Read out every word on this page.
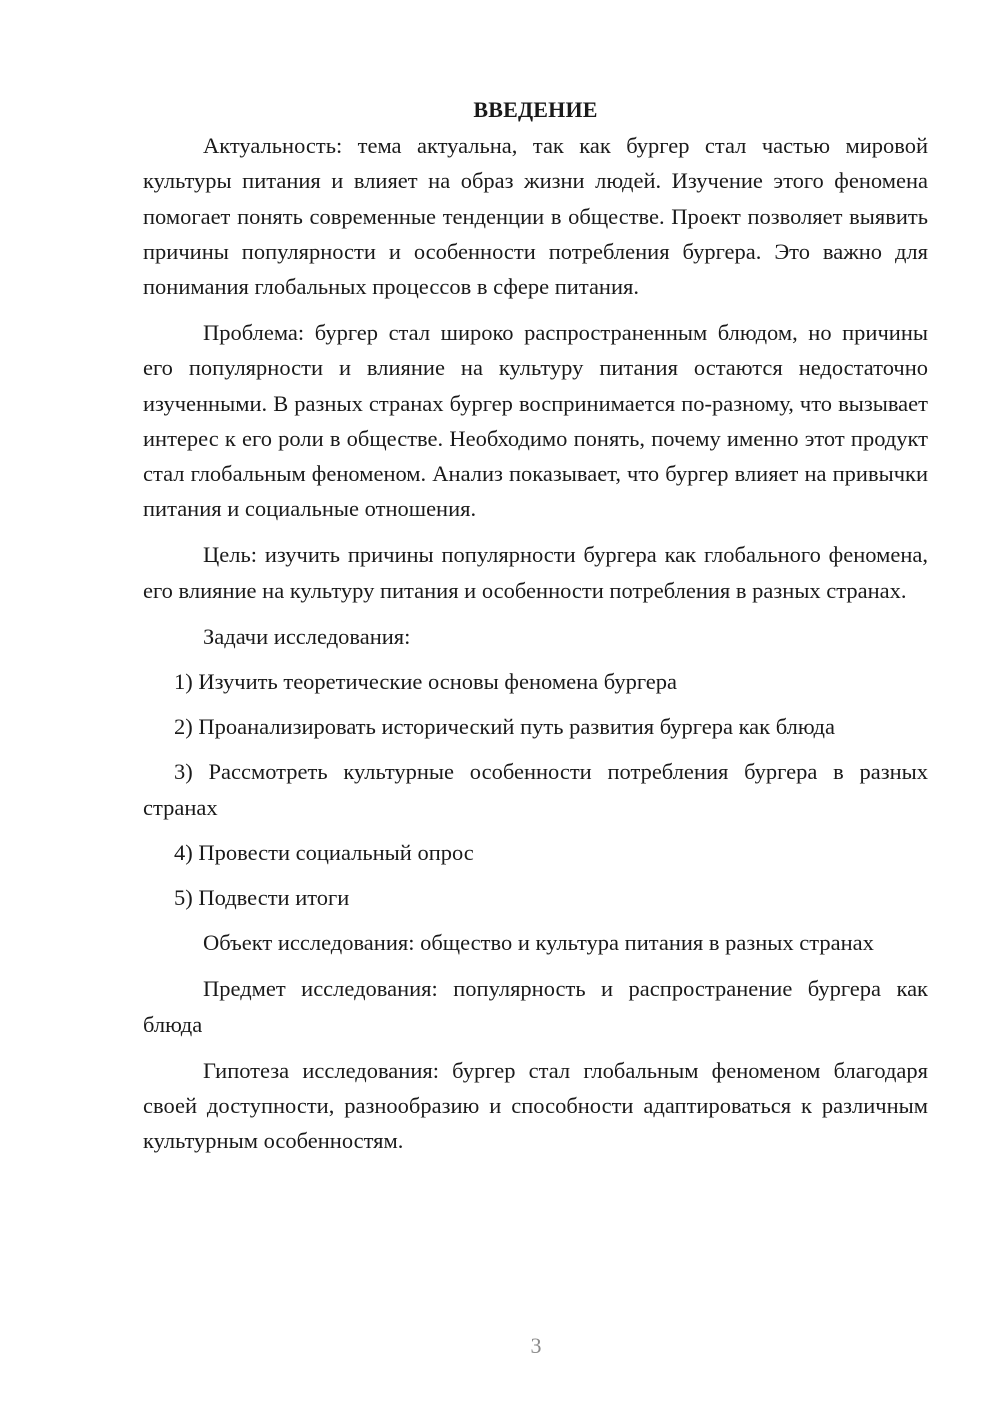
ВВЕДЕНИЕ

Актуальность: тема актуальна, так как бургер стал частью мировой культуры питания и влияет на образ жизни людей. Изучение этого феномена помогает понять современные тенденции в обществе. Проект позволяет выявить причины популярности и особенности потребления бургера. Это важно для понимания глобальных процессов в сфере питания.

Проблема: бургер стал широко распространенным блюдом, но причины его популярности и влияние на культуру питания остаются недостаточно изученными. В разных странах бургер воспринимается по-разному, что вызывает интерес к его роли в обществе. Необходимо понять, почему именно этот продукт стал глобальным феноменом. Анализ показывает, что бургер влияет на привычки питания и социальные отношения.

Цель: изучить причины популярности бургера как глобального феномена, его влияние на культуру питания и особенности потребления в разных странах.

Задачи исследования:

1) Изучить теоретические основы феномена бургера

2) Проанализировать исторический путь развития бургера как блюда

3) Рассмотреть культурные особенности потребления бургера в разных странах

4) Провести социальный опрос

5) Подвести итоги

Объект исследования: общество и культура питания в разных странах

Предмет исследования: популярность и распространение бургера как блюда

Гипотеза исследования: бургер стал глобальным феноменом благодаря своей доступности, разнообразию и способности адаптироваться к различным культурным особенностям.

3
